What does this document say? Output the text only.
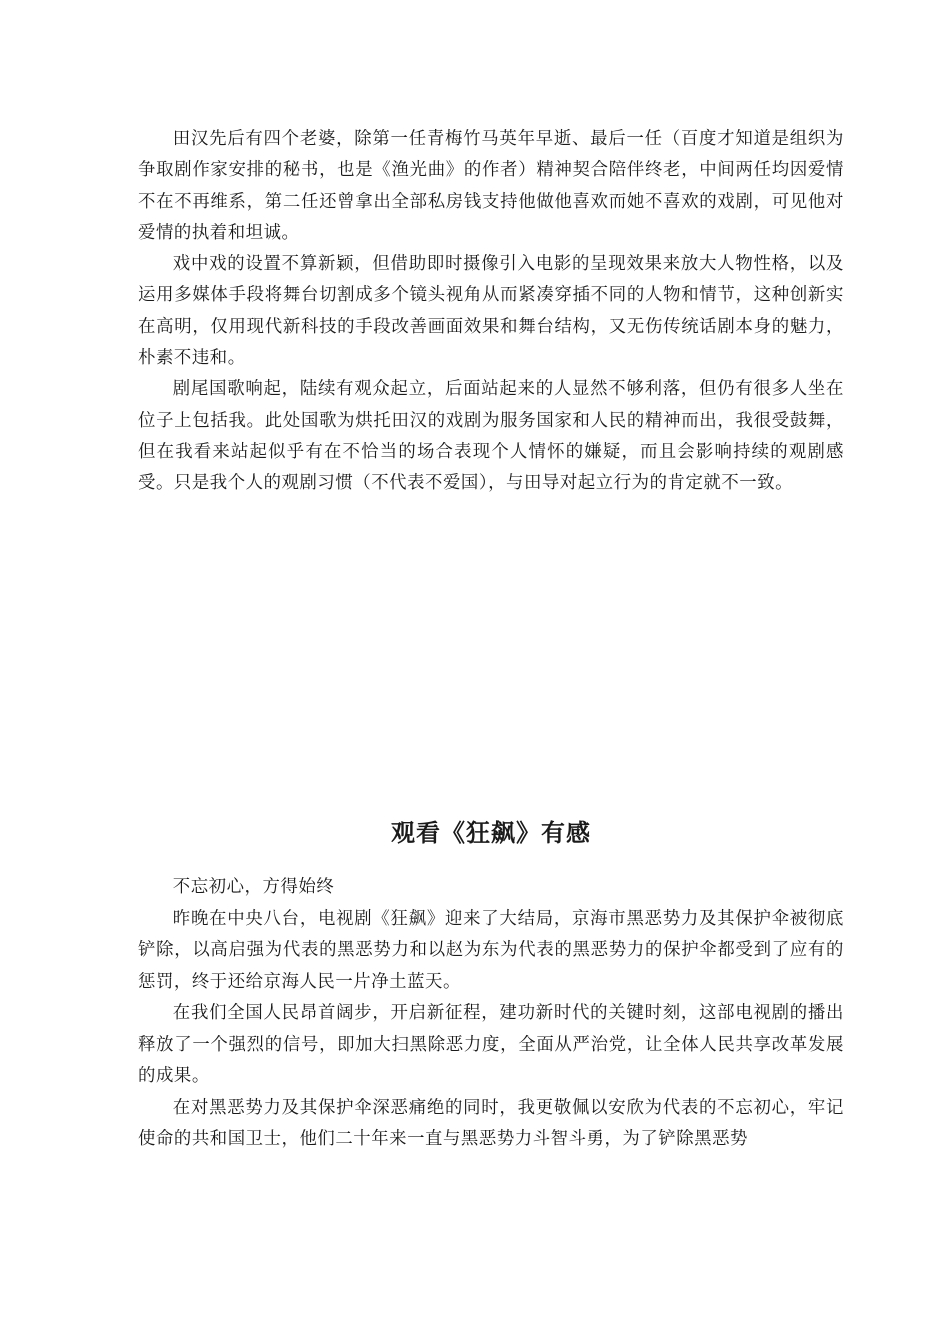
田汉先后有四个老婆，除第一任青梅竹马英年早逝、最后一任（百度才知道是组织为争取剧作家安排的秘书，也是《渔光曲》的作者）精神契合陪伴终老，中间两任均因爱情不在不再维系，第二任还曾拿出全部私房钱支持他做他喜欢而她不喜欢的戏剧，可见他对爱情的执着和坦诚。

戏中戏的设置不算新颖，但借助即时摄像引入电影的呈现效果来放大人物性格，以及运用多媒体手段将舞台切割成多个镜头视角从而紧凑穿插不同的人物和情节，这种创新实在高明，仅用现代新科技的手段改善画面效果和舞台结构，又无伤传统话剧本身的魅力，朴素不违和。

剧尾国歌响起，陆续有观众起立，后面站起来的人显然不够利落，但仍有很多人坐在位子上包括我。此处国歌为烘托田汉的戏剧为服务国家和人民的精神而出，我很受鼓舞，但在我看来站起似乎有在不恰当的场合表现个人情怀的嫌疑，而且会影响持续的观剧感受。只是我个人的观剧习惯（不代表不爱国），与田导对起立行为的肯定就不一致。

观看《狂飙》有感

不忘初心，方得始终

昨晚在中央八台，电视剧《狂飙》迎来了大结局，京海市黑恶势力及其保护伞被彻底铲除，以高启强为代表的黑恶势力和以赵为东为代表的黑恶势力的保护伞都受到了应有的惩罚，终于还给京海人民一片净土蓝天。

在我们全国人民昂首阔步，开启新征程，建功新时代的关键时刻，这部电视剧的播出释放了一个强烈的信号，即加大扫黑除恶力度，全面从严治党，让全体人民共享改革发展的成果。

在对黑恶势力及其保护伞深恶痛绝的同时，我更敬佩以安欣为代表的不忘初心，牢记使命的共和国卫士，他们二十年来一直与黑恶势力斗智斗勇，为了铲除黑恶势
